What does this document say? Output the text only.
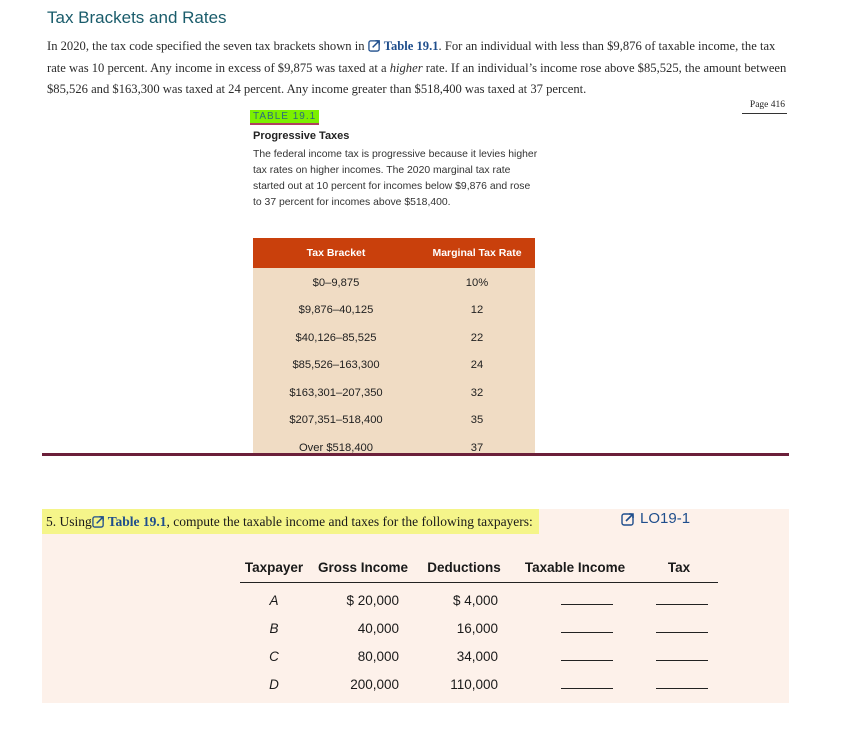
Tax Brackets and Rates

In 2020, the tax code specified the seven tax brackets shown in Table 19.1. For an individual with less than $9,876 of taxable income, the tax rate was 10 percent. Any income in excess of $9,875 was taxed at a higher rate. If an individual’s income rose above $85,525, the amount between $85,526 and $163,300 was taxed at 24 percent. Any income greater than $518,400 was taxed at 37 percent.

Page 416
TABLE 19.1
Progressive Taxes

The federal income tax is progressive because it levies higher tax rates on higher incomes. The 2020 marginal tax rate started out at 10 percent for incomes below $9,876 and rose to 37 percent for incomes above $518,400.

Tax Bracket	Marginal Tax Rate
$0–9,875	10%
$9,876–40,125	12
$40,126–85,525	22
$85,526–163,300	24
$163,301–207,350	32
$207,351–518,400	35
Over $518,400	37
5. Using Table 19.1 , compute the taxable income and taxes for the following taxpayers:	LO19-1
Taxpayer	Gross Income	Deductions	Taxable Income	Tax
A	$ 20,000	$ 4,000
B	40,000	16,000
C	80,000	34,000
D	200,000	110,000
